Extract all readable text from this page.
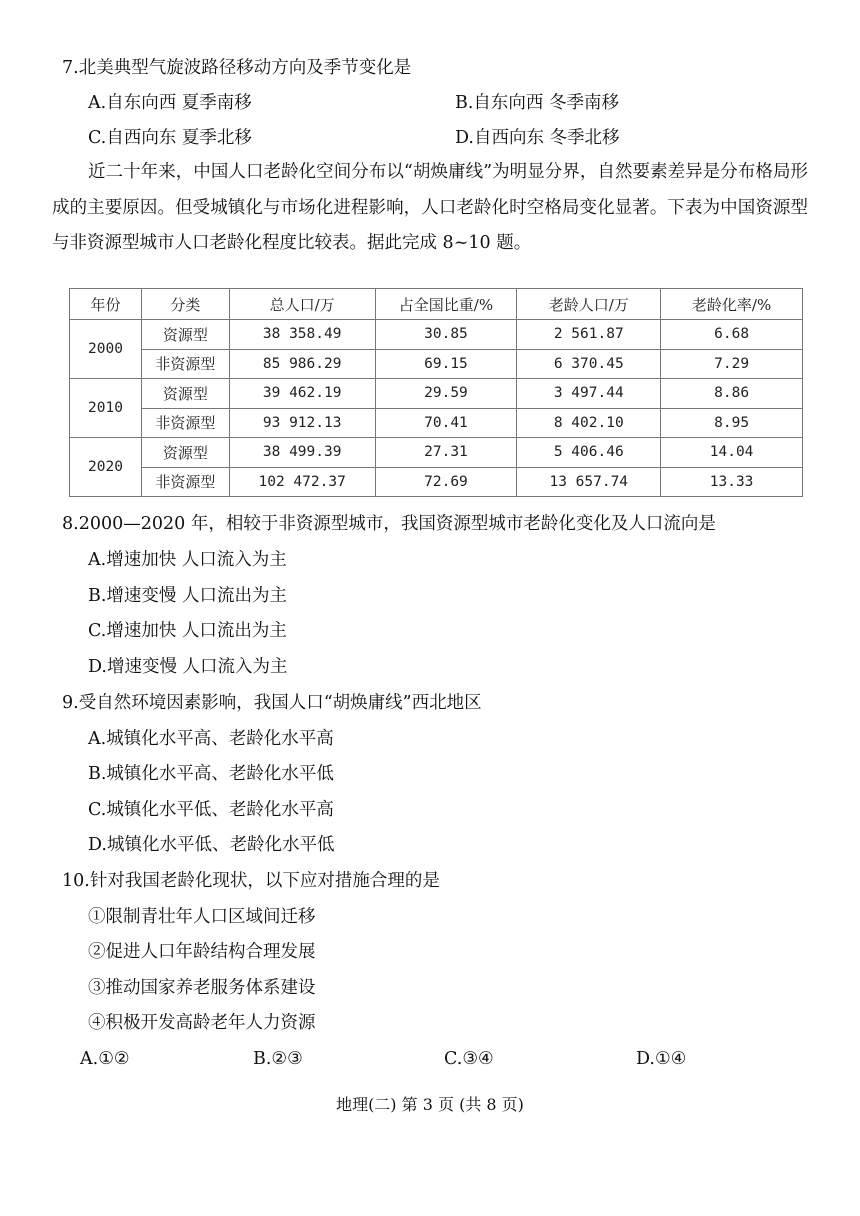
7.北美典型气旋波路径移动方向及季节变化是
A.自东向西 夏季南移	B.自东向西 冬季南移
C.自西向东 夏季北移	D.自西向东 冬季北移
近二十年来，中国人口老龄化空间分布以“胡焕庸线”为明显分界，自然要素差异是分布格局形成的主要原因。但受城镇化与市场化进程影响，人口老龄化时空格局变化显著。下表为中国资源型与非资源型城市人口老龄化程度比较表。据此完成 8~10 题。
年份	分类	总人口/万	占全国比重/%	老龄人口/万	老龄化率/%
2000	资源型	38 358.49	30.85	2 561.87	6.68
	非资源型	85 986.29	69.15	6 370.45	7.29
2010	资源型	39 462.19	29.59	3 497.44	8.86
	非资源型	93 912.13	70.41	8 402.10	8.95
2020	资源型	38 499.39	27.31	5 406.46	14.04
	非资源型	102 472.37	72.69	13 657.74	13.33
8.2000—2020 年，相较于非资源型城市，我国资源型城市老龄化变化及人口流向是
A.增速加快 人口流入为主
B.增速变慢 人口流出为主
C.增速加快 人口流出为主
D.增速变慢 人口流入为主
9.受自然环境因素影响，我国人口“胡焕庸线”西北地区
A.城镇化水平高、老龄化水平高
B.城镇化水平高、老龄化水平低
C.城镇化水平低、老龄化水平高
D.城镇化水平低、老龄化水平低
10.针对我国老龄化现状，以下应对措施合理的是
①限制青壮年人口区域间迁移
②促进人口年龄结构合理发展
③推动国家养老服务体系建设
④积极开发高龄老年人力资源
A.①②	B.②③	C.③④	D.①④
地理(二) 第 3 页 (共 8 页)
